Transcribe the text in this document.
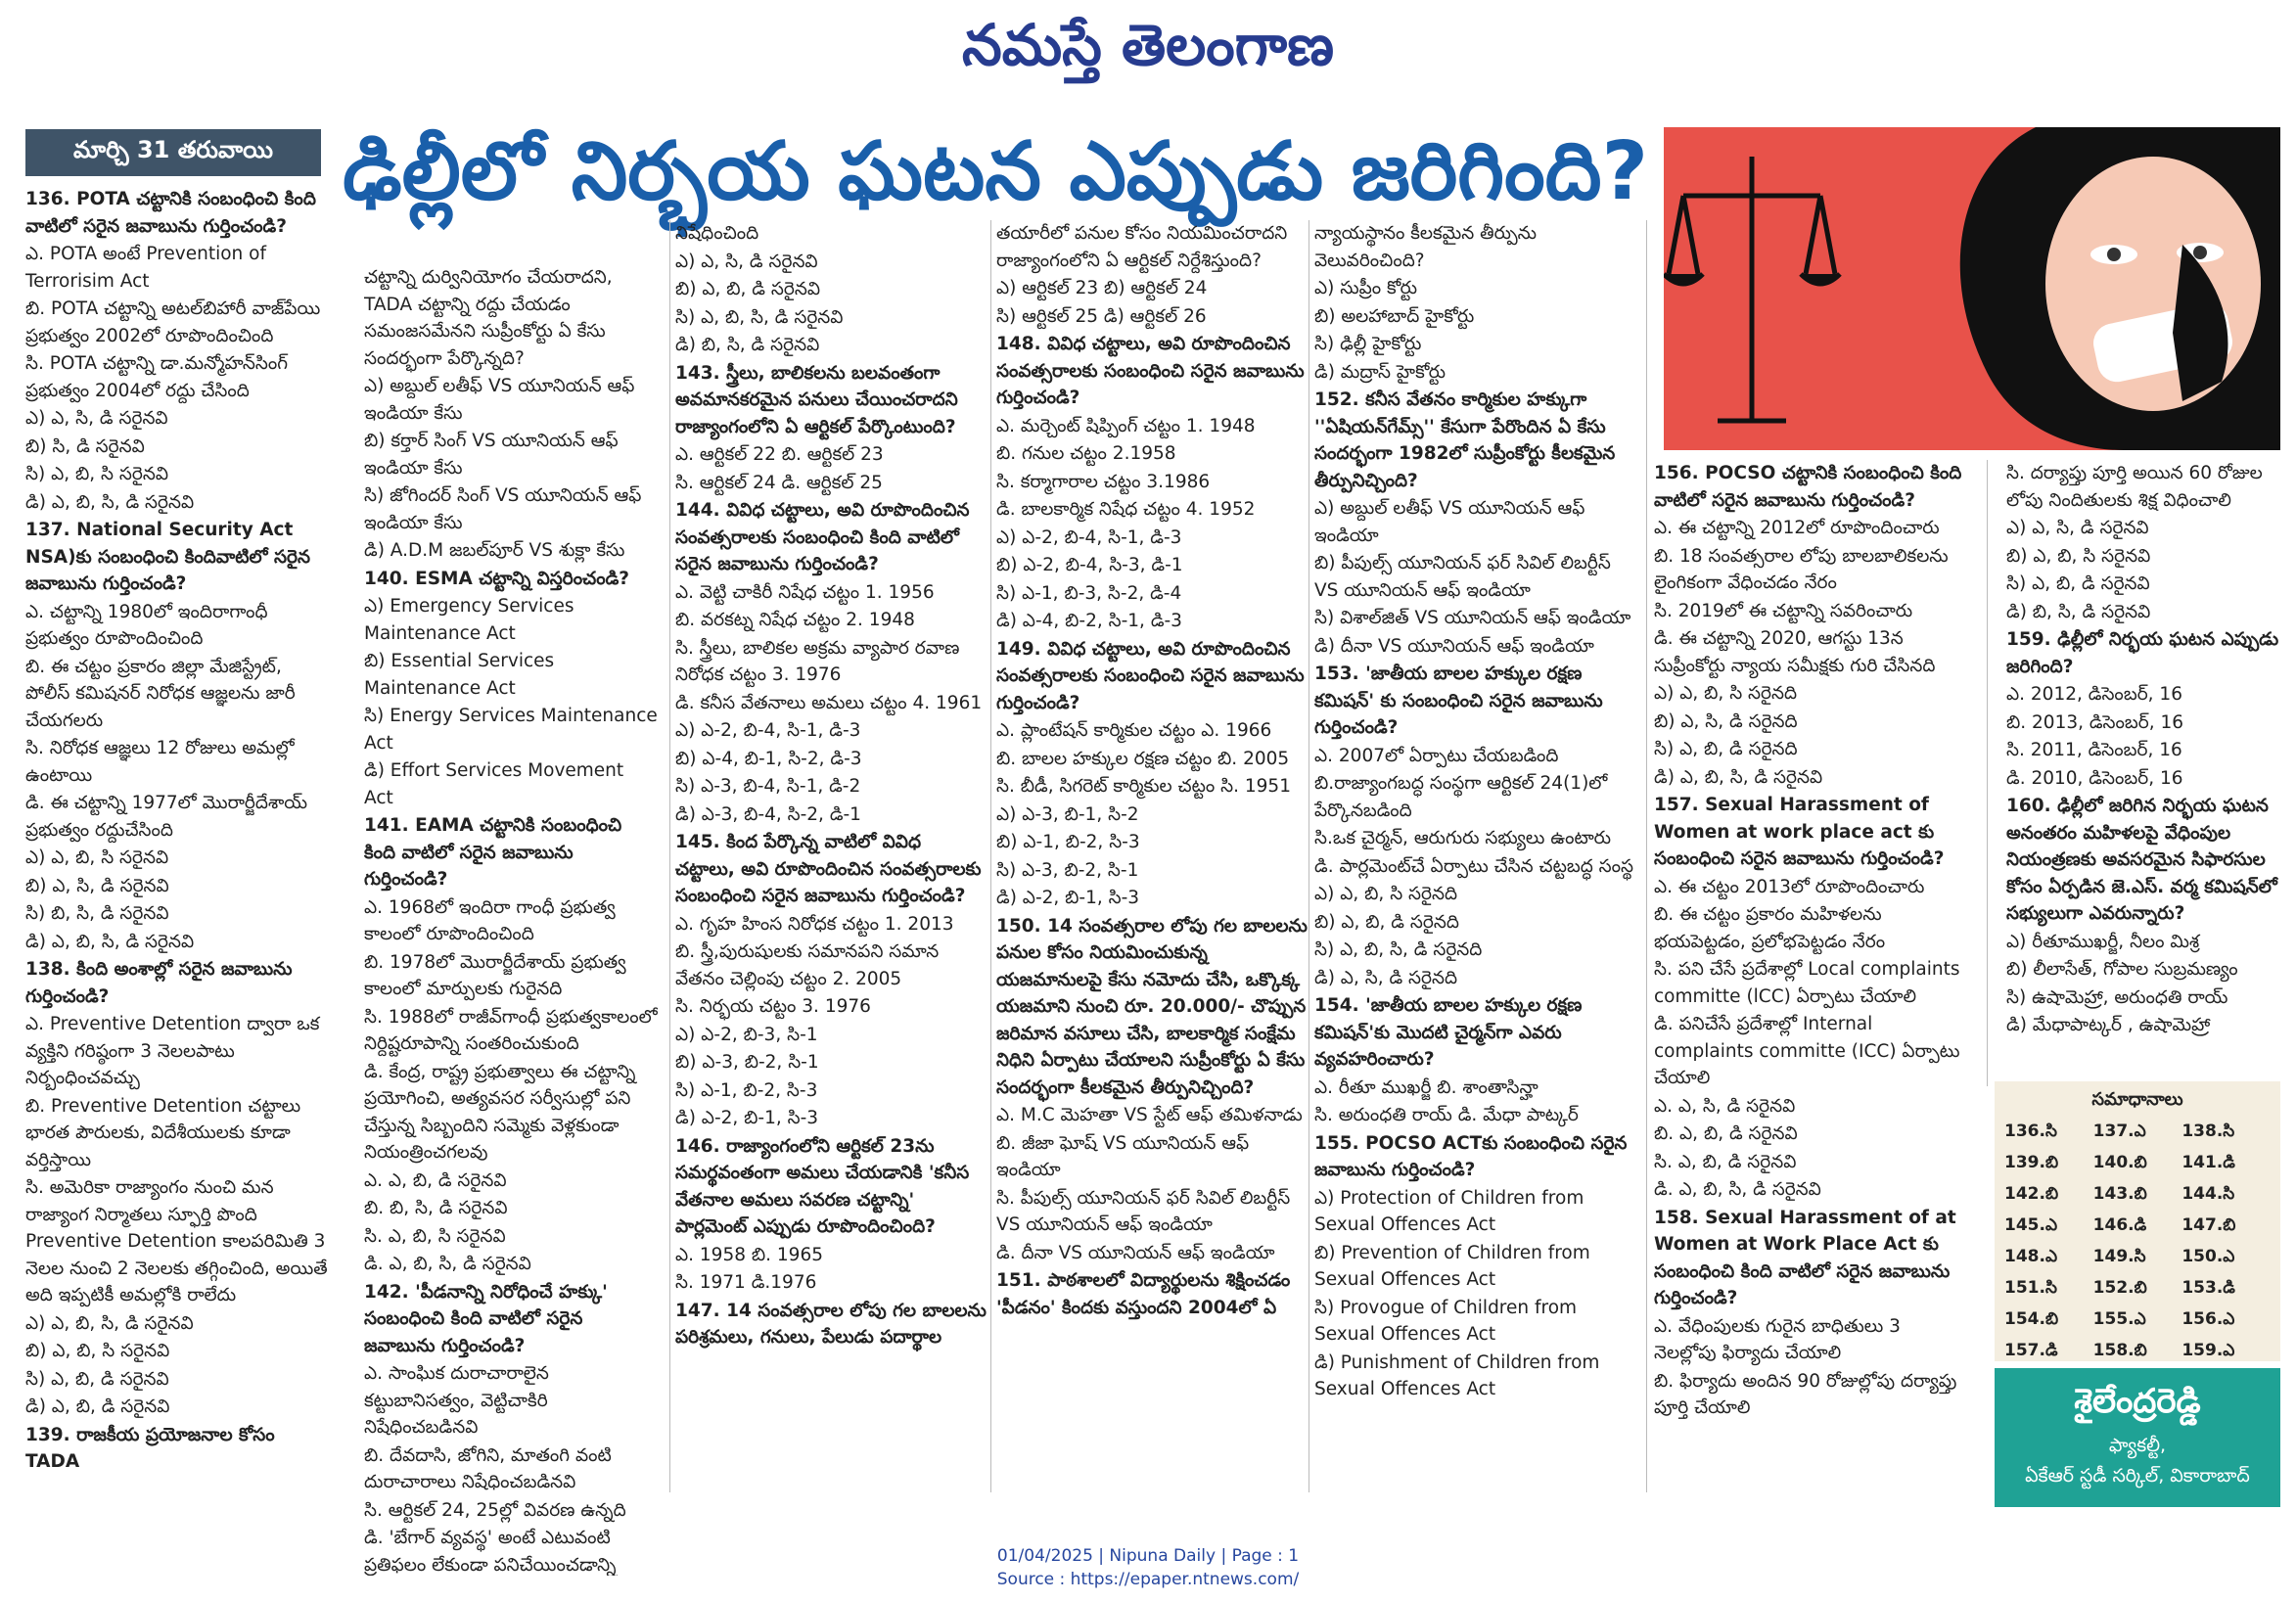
నమస్తే తెలంగాణ
మార్చి 31 తరువాయి ఢిల్లీలో నిర్భయ ఘటన ఎప్పుడు జరిగింది?
136. POTA చట్టానికి సంబంధించి కింది వాటిలో సరైన జవాబును గుర్తించండి?
ఎ. POTA అంటే Prevention of Terrorisim Act
బి. POTA చట్టాన్ని అటల్‌బిహారీ వాజ్‌పేయి ప్రభుత్వం 2002లో రూపొందించింది
సి. POTA చట్టాన్ని డా.మన్మోహన్‌సింగ్ ప్రభుత్వం 2004లో రద్దు చేసింది
ఎ) ఎ, సి, డి సరైనవి
బి) సి, డి సరైనవి
సి) ఎ, బి, సి సరైనవి
డి) ఎ, బి, సి, డి సరైనవి
137. National Security Act NSA)కు సంబంధించి కిందివాటిలో సరైన జవాబును గుర్తించండి?
ఎ. చట్టాన్ని 1980లో ఇందిరాగాంధీ ప్రభుత్వం రూపొందించింది
బి. ఈ చట్టం ప్రకారం జిల్లా మేజిస్ట్రేట్, పోలీస్ కమిషనర్ నిరోధక ఆజ్ఞలను జారీ చేయగలరు
సి. నిరోధక ఆజ్ఞలు 12 రోజులు అమల్లో ఉంటాయి
డి. ఈ చట్టాన్ని 1977లో మొరార్జీదేశాయ్ ప్రభుత్వం రద్దుచేసింది
ఎ) ఎ, బి, సి సరైనవి
బి) ఎ, సి, డి సరైనవి
సి) బి, సి, డి సరైనవి
డి) ఎ, బి, సి, డి సరైనవి
138. కింది అంశాల్లో సరైన జవాబును గుర్తించండి?
ఎ. Preventive Detention ద్వారా ఒక వ్యక్తిని గరిష్ఠంగా 3 నెలలపాటు నిర్బంధించవచ్చు
బి. Preventive Detention చట్టాలు భారత పౌరులకు, విదేశీయులకు కూడా వర్తిస్తాయి
సి. అమెరికా రాజ్యాంగం నుంచి మన రాజ్యాంగ నిర్మాతలు స్ఫూర్తి పొంది Preventive Detention కాలపరిమితి 3 నెలల నుంచి 2 నెలలకు తగ్గించింది, అయితే అది ఇప్పటికీ అమల్లోకి రాలేదు
ఎ) ఎ, బి, సి, డి సరైనవి
బి) ఎ, బి, సి సరైనవి
సి) ఎ, బి, డి సరైనవి
డి) ఎ, బి, డి సరైనవి
139. రాజకీయ ప్రయోజనాల కోసం TADA
చట్టాన్ని దుర్వినియోగం చేయరాదని, TADA చట్టాన్ని రద్దు చేయడం సమంజసమేనని సుప్రీంకోర్టు ఏ కేసు సందర్భంగా పేర్కొన్నది?
ఎ) అబ్దుల్ లతీఫ్ VS యూనియన్ ఆఫ్ ఇండియా కేసు
బి) కర్తార్ సింగ్ VS యూనియన్ ఆఫ్ ఇండియా కేసు
సి) జోగిందర్ సింగ్ VS యూనియన్ ఆఫ్ ఇండియా కేసు
డి) A.D.M జబల్‌పూర్ VS శుక్లా కేసు
140. ESMA చట్టాన్ని విస్తరించండి?
ఎ) Emergency Services Maintenance Act
బి) Essential Services Maintenance Act
సి) Energy Services Maintenance Act
డి) Effort Services Movement Act
141. EAMA చట్టానికి సంబంధించి కింది వాటిలో సరైన జవాబును గుర్తించండి?
ఎ. 1968లో ఇందిరా గాంధీ ప్రభుత్వ కాలంలో రూపొందించింది
బి. 1978లో మొరార్జీదేశాయ్ ప్రభుత్వ కాలంలో మార్పులకు గురైనది
సి. 1988లో రాజీవ్‌గాంధీ ప్రభుత్వకాలంలో నిర్దిష్టరూపాన్ని సంతరించుకుంది
డి. కేంద్ర, రాష్ట్ర ప్రభుత్వాలు ఈ చట్టాన్ని ప్రయోగించి, అత్యవసర సర్వీసుల్లో పని చేస్తున్న సిబ్బందిని సమ్మెకు వెళ్లకుండా నియంత్రించగలవు
ఎ. ఎ, బి, డి సరైనవి
బి. బి, సి, డి సరైనవి
సి. ఎ, బి, సి సరైనవి
డి. ఎ, బి, సి, డి సరైనవి
142. 'పీడనాన్ని నిరోధించే హక్కు' సంబంధించి కింది వాటిలో సరైన జవాబును గుర్తించండి?
ఎ. సాంఘిక దురాచారాలైన కట్టుబానిసత్వం, వెట్టిచాకిరి నిషేధించబడినవి
బి. దేవదాసి, జోగిని, మాతంగి వంటి దురాచారాలు నిషేధించబడినవి
సి. ఆర్టికల్ 24, 25ల్లో వివరణ ఉన్నది
డి. 'బేగార్ వ్యవస్థ' అంటే ఎటువంటి ప్రతిఫలం లేకుండా పనిచేయించడాన్ని
నిషేధించింది
ఎ) ఎ, సి, డి సరైనవి
బి) ఎ, బి, డి సరైనవి
సి) ఎ, బి, సి, డి సరైనవి
డి) బి, సి, డి సరైనవి
143. స్త్రీలు, బాలికలను బలవంతంగా అవమానకరమైన పనులు చేయించరాదని రాజ్యాంగంలోని ఏ ఆర్టికల్ పేర్కొంటుంది?
ఎ. ఆర్టికల్ 22 బి. ఆర్టికల్ 23
సి. ఆర్టికల్ 24 డి. ఆర్టికల్ 25
144. వివిధ చట్టాలు, అవి రూపొందించిన సంవత్సరాలకు సంబంధించి కింది వాటిలో సరైన జవాబును గుర్తించండి?
ఎ. వెట్టి చాకిరీ నిషేధ చట్టం 1. 1956
బి. వరకట్న నిషేధ చట్టం 2. 1948
సి. స్త్రీలు, బాలికల అక్రమ వ్యాపార రవాణ నిరోధక చట్టం 3. 1976
డి. కనీస వేతనాలు అమలు చట్టం 4. 1961
ఎ) ఎ-2, బి-4, సి-1, డి-3
బి) ఎ-4, బి-1, సి-2, డి-3
సి) ఎ-3, బి-4, సి-1, డి-2
డి) ఎ-3, బి-4, సి-2, డి-1
145. కింద పేర్కొన్న వాటిలో వివిధ చట్టాలు, అవి రూపొందించిన సంవత్సరాలకు సంబంధించి సరైన జవాబును గుర్తించండి?
ఎ. గృహ హింస నిరోధక చట్టం 1. 2013
బి. స్త్రీ,పురుషులకు సమానపని సమాన వేతనం చెల్లింపు చట్టం 2. 2005
సి. నిర్భయ చట్టం 3. 1976
ఎ) ఎ-2, బి-3, సి-1
బి) ఎ-3, బి-2, సి-1
సి) ఎ-1, బి-2, సి-3
డి) ఎ-2, బి-1, సి-3
146. రాజ్యాంగంలోని ఆర్టికల్ 23ను సమర్థవంతంగా అమలు చేయడానికి 'కనీస వేతనాల అమలు సవరణ చట్టాన్ని' పార్లమెంట్ ఎప్పుడు రూపొందించింది?
ఎ. 1958 బి. 1965
సి. 1971 డి.1976
147. 14 సంవత్సరాల లోపు గల బాలలను పరిశ్రమలు, గనులు, పేలుడు పదార్థాల
తయారీలో పనుల కోసం నియమించరాదని రాజ్యాంగంలోని ఏ ఆర్టికల్ నిర్దేశిస్తుంది?
ఎ) ఆర్టికల్ 23 బి) ఆర్టికల్ 24
సి) ఆర్టికల్ 25 డి) ఆర్టికల్ 26
148. వివిధ చట్టాలు, అవి రూపొందించిన సంవత్సరాలకు సంబంధించి సరైన జవాబును గుర్తించండి?
ఎ. మర్చెంట్ షిప్పింగ్ చట్టం 1. 1948
బి. గనుల చట్టం 2.1958
సి. కర్మాగారాల చట్టం 3.1986
డి. బాలకార్మిక నిషేధ చట్టం 4. 1952
ఎ) ఎ-2, బి-4, సి-1, డి-3
బి) ఎ-2, బి-4, సి-3, డి-1
సి) ఎ-1, బి-3, సి-2, డి-4
డి) ఎ-4, బి-2, సి-1, డి-3
149. వివిధ చట్టాలు, అవి రూపొందించిన సంవత్సరాలకు సంబంధించి సరైన జవాబును గుర్తించండి?
ఎ. ప్లాంటేషన్ కార్మికుల చట్టం ఎ. 1966
బి. బాలల హక్కుల రక్షణ చట్టం బి. 2005
సి. బీడీ, సిగరెట్ కార్మికుల చట్టం సి. 1951
ఎ) ఎ-3, బి-1, సి-2
బి) ఎ-1, బి-2, సి-3
సి) ఎ-3, బి-2, సి-1
డి) ఎ-2, బి-1, సి-3
150. 14 సంవత్సరాల లోపు గల బాలలను పనుల కోసం నియమించుకున్న యజమానులపై కేసు నమోదు చేసి, ఒక్కొక్క యజమాని నుంచి రూ. 20.000/- చొప్పున జరిమాన వసూలు చేసి, బాలకార్మిక సంక్షేమ నిధిని ఏర్పాటు చేయాలని సుప్రీంకోర్టు ఏ కేసు సందర్భంగా కీలకమైన తీర్పునిచ్చింది?
ఎ. M.C మెహతా VS స్టేట్ ఆఫ్ తమిళనాడు
బి. జీజా ఘోష్ VS యూనియన్ ఆఫ్ ఇండియా
సి. పీపుల్స్ యూనియన్ ఫర్ సివిల్ లిబర్టీస్ VS యూనియన్ ఆఫ్ ఇండియా
డి. దీనా VS యూనియన్ ఆఫ్ ఇండియా
151. పాఠశాలలో విద్యార్థులను శిక్షించడం 'పీడనం' కిందకు వస్తుందని 2004లో ఏ
న్యాయస్థానం కీలకమైన తీర్పును వెలువరించింది?
ఎ) సుప్రీం కోర్టు
బి) అలహాబాద్ హైకోర్టు
సి) ఢిల్లీ హైకోర్టు
డి) మద్రాస్ హైకోర్టు
152. కనీస వేతనం కార్మికుల హక్కుగా ''ఏషియన్‌గేమ్స్'' కేసుగా పేరొందిన ఏ కేసు సందర్భంగా 1982లో సుప్రీంకోర్టు కీలకమైన తీర్పునిచ్చింది?
ఎ) అబ్దుల్ లతీఫ్ VS యూనియన్ ఆఫ్ ఇండియా
బి) పీపుల్స్ యూనియన్ ఫర్ సివిల్ లిబర్టీస్ VS యూనియన్ ఆఫ్ ఇండియా
సి) విశాల్‌జిత్ VS యూనియన్ ఆఫ్ ఇండియా
డి) దీనా VS యూనియన్ ఆఫ్ ఇండియా
153. 'జాతీయ బాలల హక్కుల రక్షణ కమిషన్' కు సంబంధించి సరైన జవాబును గుర్తించండి?
ఎ. 2007లో ఏర్పాటు చేయబడింది
బి.రాజ్యాంగబద్ధ సంస్థగా ఆర్టికల్ 24(1)లో పేర్కొనబడింది
సి.ఒక చైర్మన్, ఆరుగురు సభ్యులు ఉంటారు
డి. పార్లమెంట్‌చే ఏర్పాటు చేసిన చట్టబద్ధ సంస్థ
ఎ) ఎ, బి, సి సరైనది
బి) ఎ, బి, డి సరైనది
సి) ఎ, బి, సి, డి సరైనది
డి) ఎ, సి, డి సరైనది
154. 'జాతీయ బాలల హక్కుల రక్షణ కమిషన్'కు మొదటి చైర్మన్‌గా ఎవరు వ్యవహరించారు?
ఎ. రీతూ ముఖర్జీ బి. శాంతాసిన్హా
సి. అరుంధతి రాయ్ డి. మేధా పాట్కర్
155. POCSO ACTకు సంబంధించి సరైన జవాబును గుర్తించండి?
ఎ) Protection of Children from Sexual Offences Act
బి) Prevention of Children from Sexual Offences Act
సి) Provogue of Children from Sexual Offences Act
డి) Punishment of Children from Sexual Offences Act
156. POCSO చట్టానికి సంబంధించి కింది వాటిలో సరైన జవాబును గుర్తించండి?
ఎ. ఈ చట్టాన్ని 2012లో రూపొందించారు
బి. 18 సంవత్సరాల లోపు బాలబాలికలను లైంగికంగా వేధించడం నేరం
సి. 2019లో ఈ చట్టాన్ని సవరించారు
డి. ఈ చట్టాన్ని 2020, ఆగస్టు 13న సుప్రీంకోర్టు న్యాయ సమీక్షకు గురి చేసినది
ఎ) ఎ, బి, సి సరైనది
బి) ఎ, సి, డి సరైనది
సి) ఎ, బి, డి సరైనది
డి) ఎ, బి, సి, డి సరైనవి
157. Sexual Harassment of Women at work place act కు సంబంధించి సరైన జవాబును గుర్తించండి?
ఎ. ఈ చట్టం 2013లో రూపొందించారు
బి. ఈ చట్టం ప్రకారం మహిళలను భయపెట్టడం, ప్రలోభపెట్టడం నేరం
సి. పని చేసే ప్రదేశాల్లో Local complaints committe (lCC) ఏర్పాటు చేయాలి
డి. పనిచేసే ప్రదేశాల్లో Internal complaints committe (ICC) ఏర్పాటు చేయాలి
ఎ. ఎ, సి, డి సరైనవి
బి. ఎ, బి, డి సరైనవి
సి. ఎ, బి, డి సరైనవి
డి. ఎ, బి, సి, డి సరైనవి
158. Sexual Harassment of at Women at Work Place Act కు సంబంధించి కింది వాటిలో సరైన జవాబును గుర్తించండి?
ఎ. వేధింపులకు గురైన బాధితులు 3 నెలల్లోపు ఫిర్యాదు చేయాలి
బి. ఫిర్యాదు అందిన 90 రోజుల్లోపు దర్యాప్తు పూర్తి చేయాలి
సి. దర్యాప్తు పూర్తి అయిన 60 రోజుల లోపు నిందితులకు శిక్ష విధించాలి
ఎ) ఎ, సి, డి సరైనవి
బి) ఎ, బి, సి సరైనవి
సి) ఎ, బి, డి సరైనవి
డి) బి, సి, డి సరైనవి
159. ఢిల్లీలో నిర్భయ ఘటన ఎప్పుడు జరిగింది?
ఎ. 2012, డిసెంబర్, 16
బి. 2013, డిసెంబర్, 16
సి. 2011, డిసెంబర్, 16
డి. 2010, డిసెంబర్, 16
160. ఢిల్లీలో జరిగిన నిర్భయ ఘటన అనంతరం మహిళలపై వేధింపుల నియంత్రణకు అవసరమైన సిఫారసుల కోసం ఏర్పడిన జె.ఎస్. వర్మ కమిషన్‌లో సభ్యులుగా ఎవరున్నారు?
ఎ) రీతూముఖర్జీ, నీలం మిశ్ర
బి) లీలాసేత్, గోపాల సుబ్రమణ్యం
సి) ఉషామెహ్రా, అరుంధతి రాయ్
డి) మేధాపాట్కర్ , ఉషామెహ్రా
సమాధానాలు
136.సి	137.ఎ	138.సి
139.బి	140.బి	141.డి
142.బి	143.బి	144.సి
145.ఎ	146.డి	147.బి
148.ఎ	149.సి	150.ఎ
151.సి	152.బి	153.డి
154.బి	155.ఎ	156.ఎ
157.డి	158.బి	159.ఎ
శైలేంద్రరెడ్డి
ఫ్యాకల్టీ,
ఏకేఆర్ స్టడీ సర్కిల్, వికారాబాద్
01/04/2025 | Nipuna Daily | Page : 1
Source : https://epaper.ntnews.com/
